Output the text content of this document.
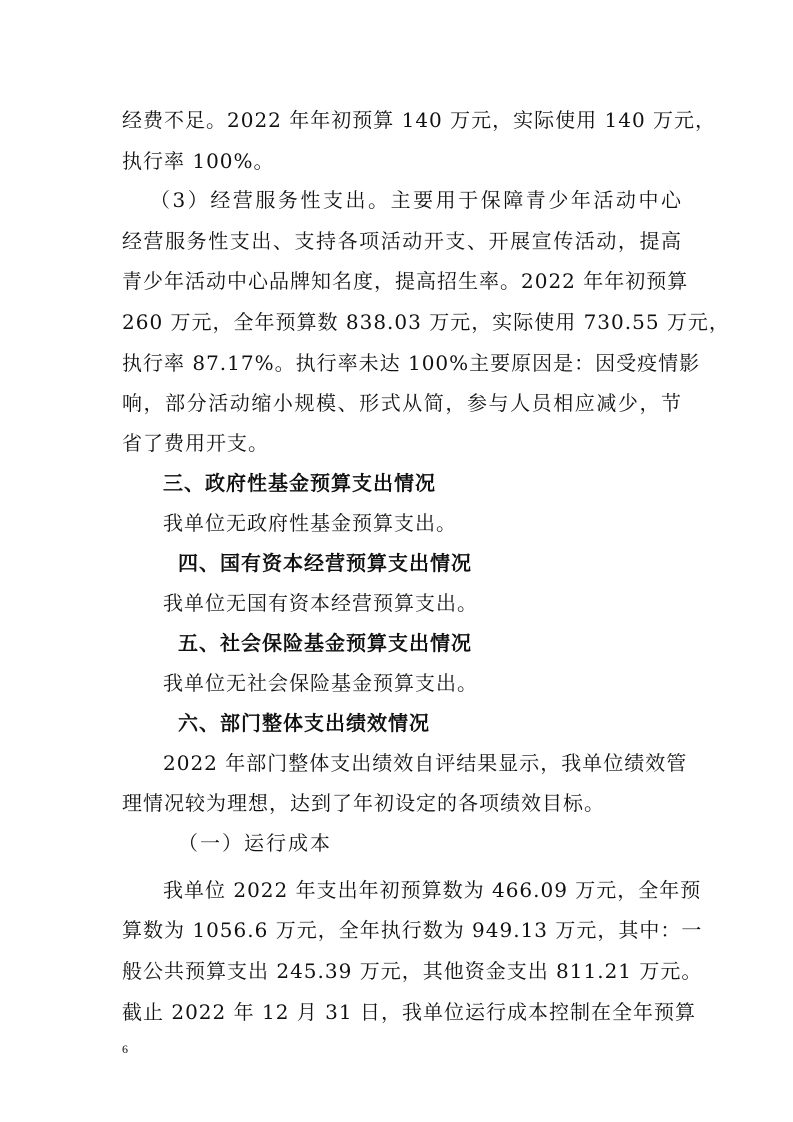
经费不足。2022 年年初预算 140 万元，实际使用 140 万元，
执行率 100%。
（3）经营服务性支出。主要用于保障青少年活动中心
经营服务性支出、支持各项活动开支、开展宣传活动，提高
青少年活动中心品牌知名度，提高招生率。2022 年年初预算
260 万元，全年预算数 838.03 万元，实际使用 730.55 万元，
执行率 87.17%。执行率未达 100%主要原因是：因受疫情影
响，部分活动缩小规模、形式从简，参与人员相应减少，节
省了费用开支。
三、政府性基金预算支出情况
我单位无政府性基金预算支出。
四、国有资本经营预算支出情况
我单位无国有资本经营预算支出。
五、社会保险基金预算支出情况
我单位无社会保险基金预算支出。
六、部门整体支出绩效情况
2022 年部门整体支出绩效自评结果显示，我单位绩效管
理情况较为理想，达到了年初设定的各项绩效目标。
（一）运行成本
我单位 2022 年支出年初预算数为 466.09 万元，全年预
算数为 1056.6 万元，全年执行数为 949.13 万元，其中：一
般公共预算支出 245.39 万元，其他资金支出 811.21 万元。
截止 2022 年 12 月 31 日，我单位运行成本控制在全年预算
6
